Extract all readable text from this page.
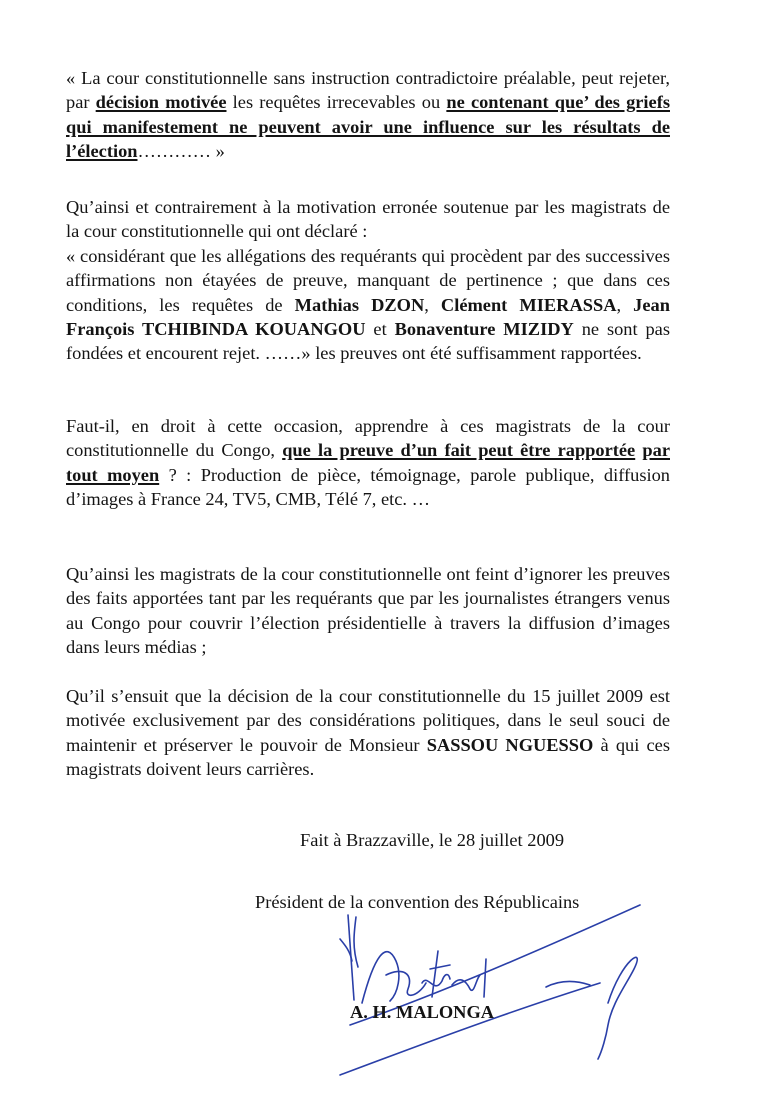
« La cour constitutionnelle sans instruction contradictoire préalable, peut rejeter, par décision motivée les requêtes irrecevables ou ne contenant que’ des griefs qui manifestement ne peuvent avoir une influence sur les résultats de l’élection………… »

Qu’ainsi et contrairement à la motivation erronée soutenue par les magistrats de la cour constitutionnelle qui ont déclaré :
« considérant que les allégations des requérants qui procèdent par des successives affirmations non étayées de preuve, manquant de pertinence ; que dans ces conditions, les requêtes de Mathias DZON, Clément MIERASSA, Jean François TCHIBINDA KOUANGOU et Bonaventure MIZIDY ne sont pas fondées et encourent rejet. ……» les preuves ont été suffisamment rapportées.

Faut-il, en droit à cette occasion, apprendre à ces magistrats de la cour constitutionnelle du Congo, que la preuve d’un fait peut être rapportée par tout moyen ? : Production de pièce, témoignage, parole publique, diffusion d’images à France 24, TV5, CMB, Télé 7, etc. …

Qu’ainsi les magistrats de la cour constitutionnelle ont feint d’ignorer les preuves des faits apportées tant par les requérants que par les journalistes étrangers venus au Congo pour couvrir l’élection présidentielle à travers la diffusion d’images dans leurs médias ;

Qu’il s’ensuit que la décision de la cour constitutionnelle du 15 juillet 2009 est motivée exclusivement par des considérations politiques, dans le seul souci de maintenir et préserver le pouvoir de Monsieur SASSOU NGUESSO à qui ces magistrats doivent leurs carrières.

Fait à Brazzaville, le 28 juillet 2009

Président de la convention des Républicains

A. H. MALONGA
